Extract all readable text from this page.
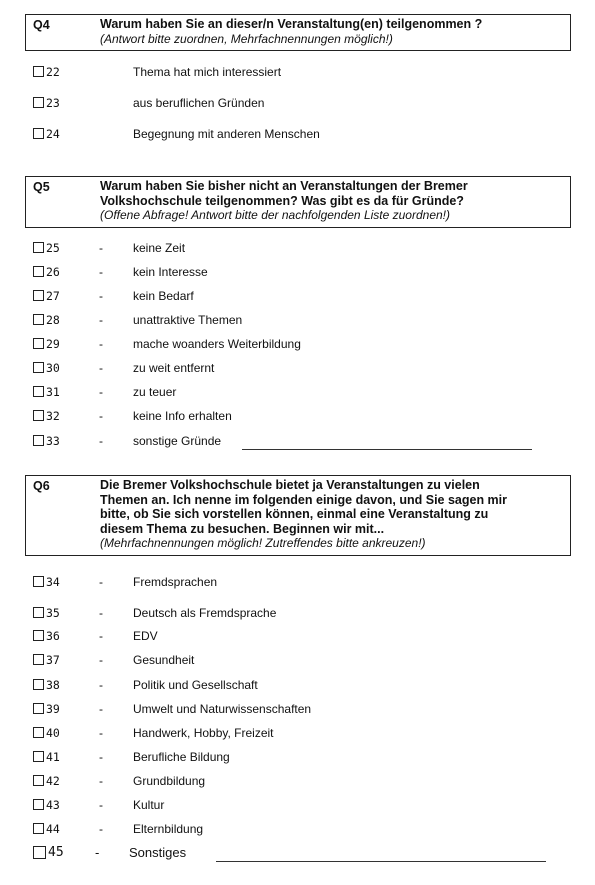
Q4	Warum haben Sie an dieser/n Veranstaltung(en) teilgenommen ?
(Antwort bitte zuordnen, Mehrfachnennungen möglich!)
22	Thema hat mich interessiert
23	aus beruflichen Gründen
24	Begegnung mit anderen Menschen
Q5	Warum haben Sie bisher nicht an Veranstaltungen der Bremer
Volkshochschule teilgenommen? Was gibt es da für Gründe?
(Offene Abfrage! Antwort bitte der nachfolgenden Liste zuordnen!)
25	-	keine Zeit
26	-	kein Interesse
27	-	kein Bedarf
28	-	unattraktive Themen
29	-	mache woanders Weiterbildung
30	-	zu weit entfernt
31	-	zu teuer
32	-	keine Info erhalten
33	-	sonstige Gründe
Q6	Die Bremer Volkshochschule bietet ja Veranstaltungen zu vielen
Themen an. Ich nenne im folgenden einige davon, und Sie sagen mir
bitte, ob Sie sich vorstellen können, einmal eine Veranstaltung zu
diesem Thema zu besuchen. Beginnen wir mit...
(Mehrfachnennungen möglich! Zutreffendes bitte ankreuzen!)
34	-	Fremdsprachen
35	-	Deutsch als Fremdsprache
36	-	EDV
37	-	Gesundheit
38	-	Politik und Gesellschaft
39	-	Umwelt und Naturwissenschaften
40	-	Handwerk, Hobby, Freizeit
41	-	Berufliche Bildung
42	-	Grundbildung
43	-	Kultur
44	-	Elternbildung
45 - Sonstiges
